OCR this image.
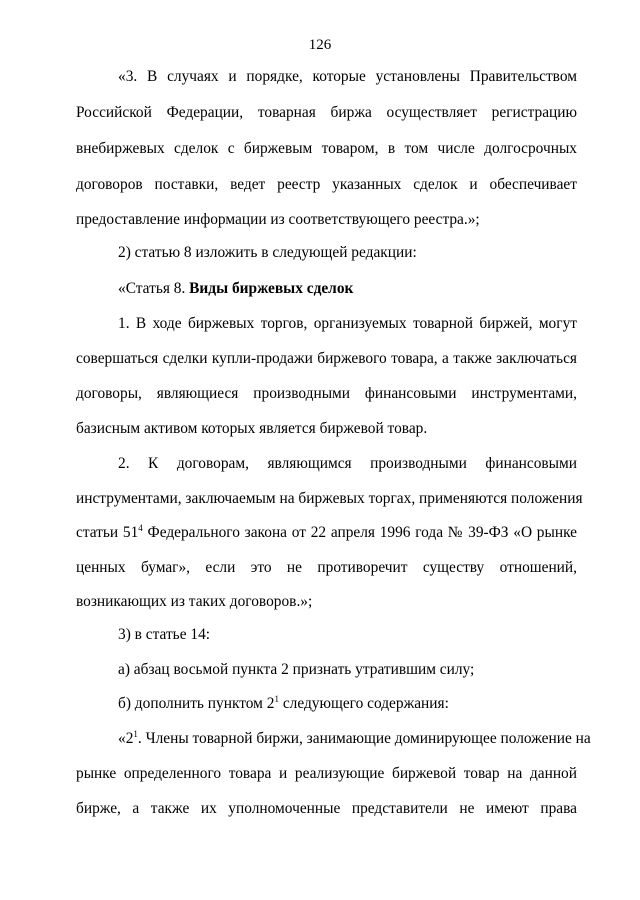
126
«3. В случаях и порядке, которые установлены Правительством
Российской Федерации, товарная биржа осуществляет регистрацию
внебиржевых сделок с биржевым товаром, в том числе долгосрочных
договоров поставки, ведет реестр указанных сделок и обеспечивает
предоставление информации из соответствующего реестра.»;
2) статью 8 изложить в следующей редакции:
«Статья 8. Виды биржевых сделок
1. В ходе биржевых торгов, организуемых товарной биржей, могут
совершаться сделки купли-продажи биржевого товара, а также заключаться
договоры, являющиеся производными финансовыми инструментами,
базисным активом которых является биржевой товар.
2. К договорам, являющимся производными финансовыми
инструментами, заключаемым на биржевых торгах, применяются положения
статьи $51^4$ Федерального закона от 22 апреля 1996 года № 39-ФЗ «О рынке
ценных бумаг», если это не противоречит существу отношений,
возникающих из таких договоров.»;
3) в статье 14:
а) абзац восьмой пункта 2 признать утратившим силу;
б) дополнить пунктом $2^1$ следующего содержания:
«$2^1$. Члены товарной биржи, занимающие доминирующее положение на
рынке определенного товара и реализующие биржевой товар на данной
бирже, а также их уполномоченные представители не имеют права
